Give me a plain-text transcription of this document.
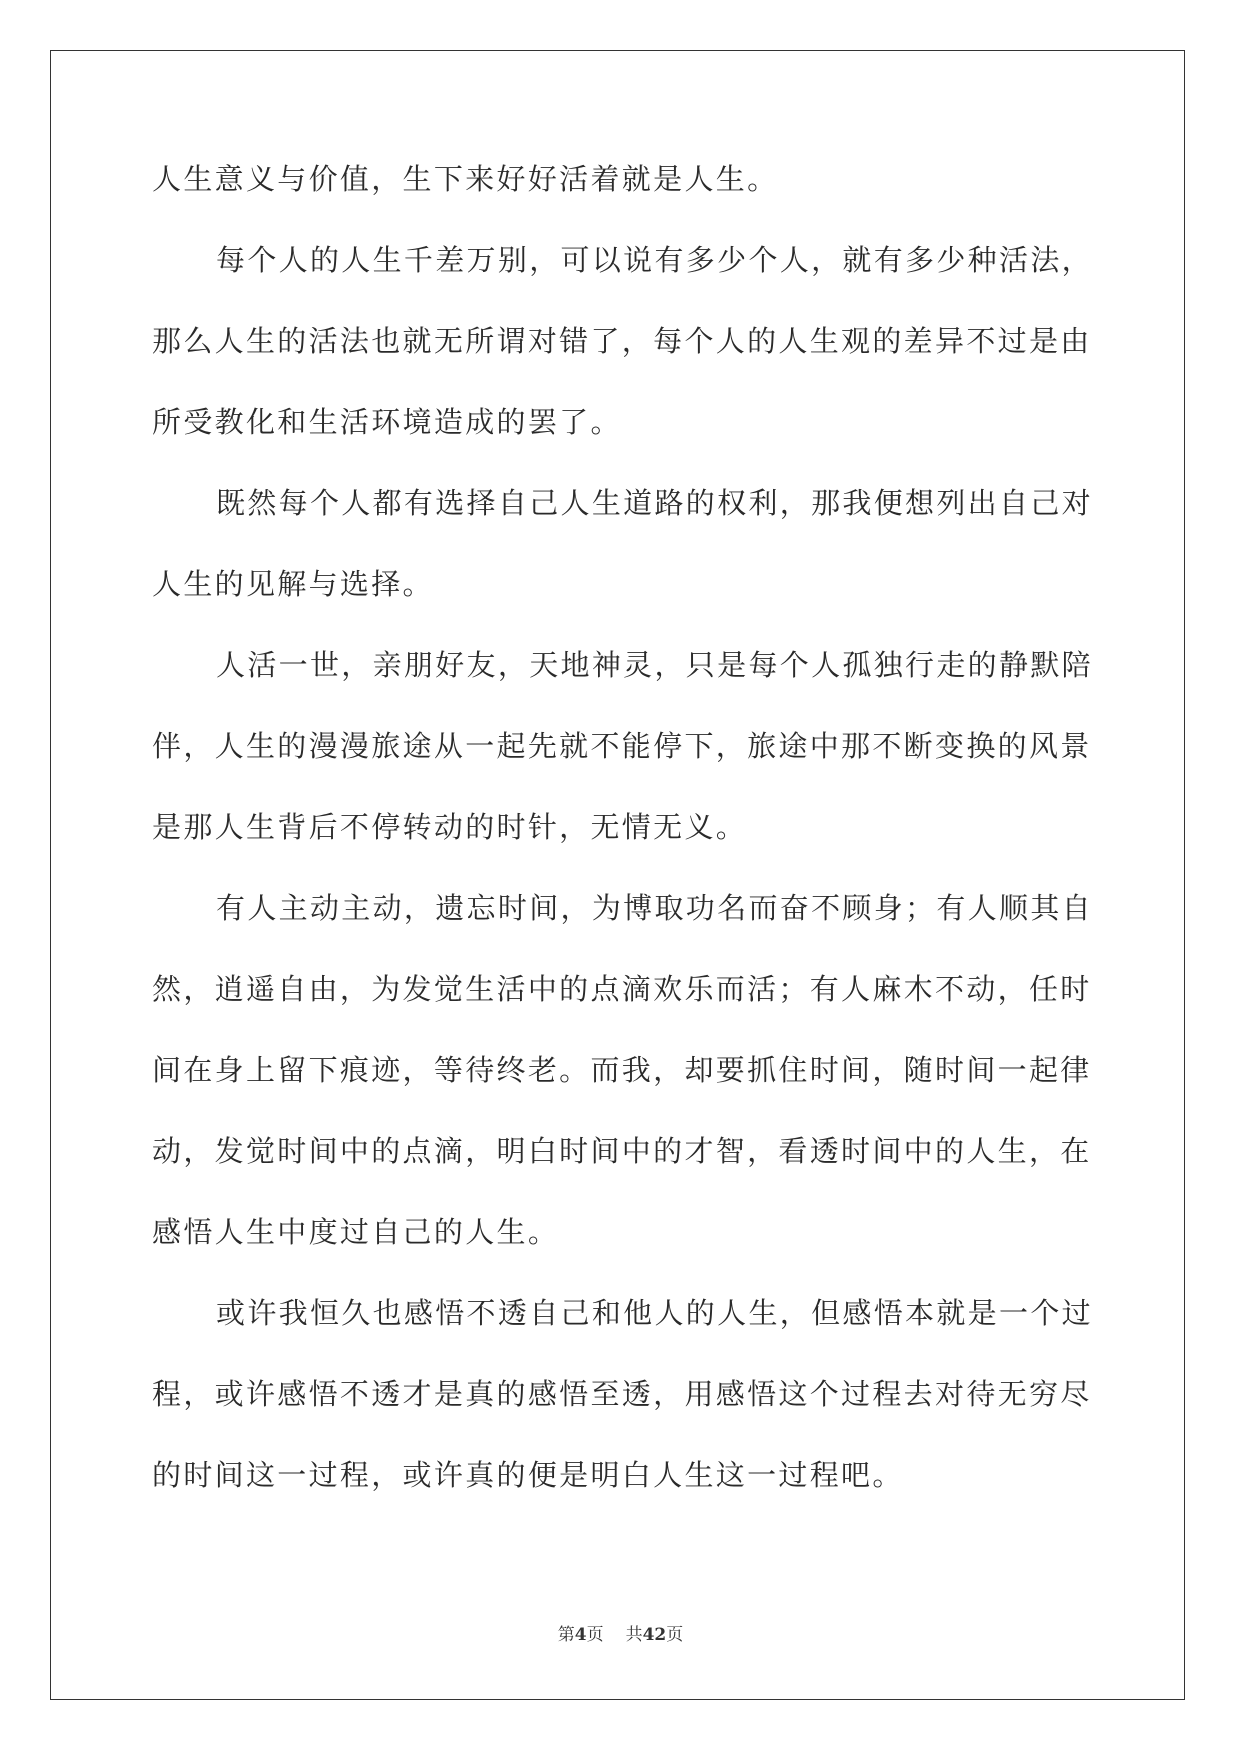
人生意义与价值，生下来好好活着就是人生。
每个人的人生千差万别，可以说有多少个人，就有多少种活法，
那么人生的活法也就无所谓对错了，每个人的人生观的差异不过是由
所受教化和生活环境造成的罢了。
既然每个人都有选择自己人生道路的权利，那我便想列出自己对
人生的见解与选择。
人活一世，亲朋好友，天地神灵，只是每个人孤独行走的静默陪
伴，人生的漫漫旅途从一起先就不能停下，旅途中那不断变换的风景
是那人生背后不停转动的时针，无情无义。
有人主动主动，遗忘时间，为博取功名而奋不顾身；有人顺其自
然，逍遥自由，为发觉生活中的点滴欢乐而活；有人麻木不动，任时
间在身上留下痕迹，等待终老。而我，却要抓住时间，随时间一起律
动，发觉时间中的点滴，明白时间中的才智，看透时间中的人生，在
感悟人生中度过自己的人生。
或许我恒久也感悟不透自己和他人的人生，但感悟本就是一个过
程，或许感悟不透才是真的感悟至透，用感悟这个过程去对待无穷尽
的时间这一过程，或许真的便是明白人生这一过程吧。
第4页 共42页
